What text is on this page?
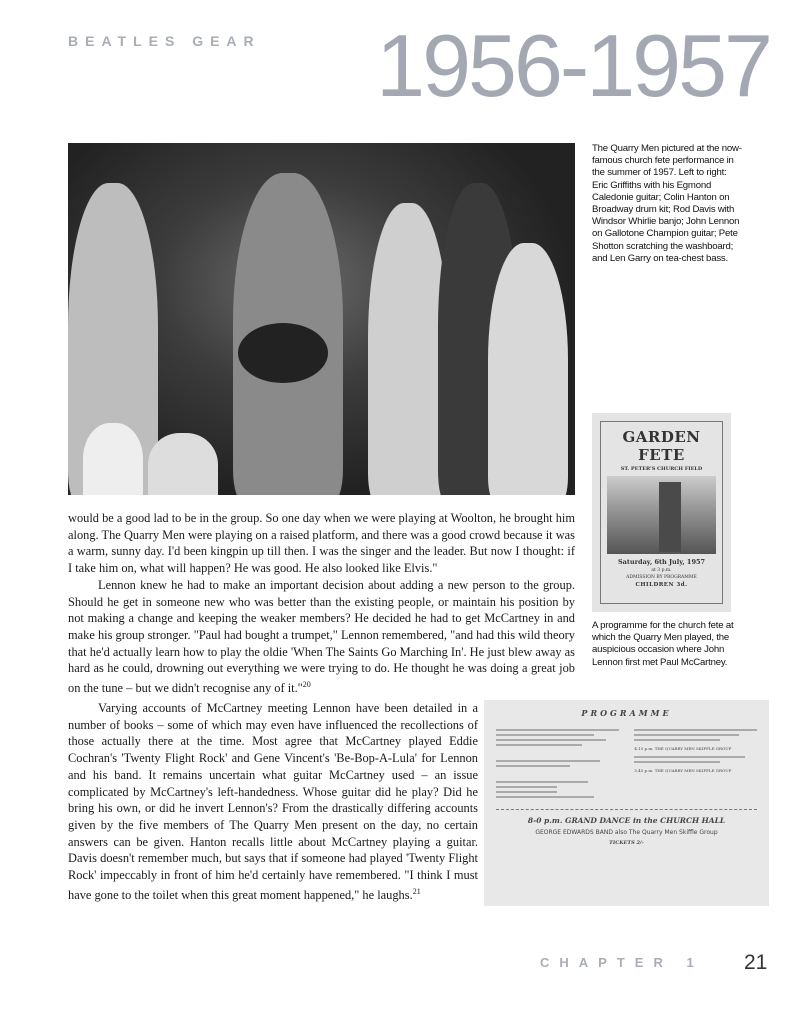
BEATLES GEAR 1956-1957
The Quarry Men pictured at the now-famous church fete performance in the summer of 1957. Left to right: Eric Griffiths with his Egmond Caledonie guitar; Colin Hanton on Broadway drum kit; Rod Davis with Windsor Whirlie banjo; John Lennon on Gallotone Champion guitar; Pete Shotton scratching the washboard; and Len Garry on tea-chest bass.
GARDEN FETE
ST. PETER'S CHURCH FIELD
Saturday, 6th July, 1957
at 3 p.m.
ADMISSION BY PROGRAMME
CHILDREN 3d.
A programme for the church fete at which the Quarry Men played, the auspicious occasion where John Lennon first met Paul McCartney.

would be a good lad to be in the group. So one day when we were playing at Woolton, he brought him along. The Quarry Men were playing on a raised platform, and there was a good crowd because it was a warm, sunny day. I'd been kingpin up till then. I was the singer and the leader. But now I thought: if I take him on, what will happen? He was good. He also looked like Elvis."

Lennon knew he had to make an important decision about adding a new person to the group. Should he get in someone new who was better than the existing people, or maintain his position by not making a change and keeping the weaker members? He decided he had to get McCartney in and make his group stronger. "Paul had bought a trumpet," Lennon remembered, "and had this wild theory that he'd actually learn how to play the oldie 'When The Saints Go Marching In'. He just blew away as hard as he could, drowning out everything we were trying to do. He thought he was doing a great job on the tune – but we didn't recognise any of it."$^{20}$

Varying accounts of McCartney meeting Lennon have been detailed in a number of books – some of which may even have influenced the recollections of those actually there at the time. Most agree that McCartney played Eddie Cochran's 'Twenty Flight Rock' and Gene Vincent's 'Be-Bop-A-Lula' for Lennon and his band. It remains uncertain what guitar McCartney used – an issue complicated by McCartney's left-handedness. Whose guitar did he play? Did he bring his own, or did he invert Lennon's? From the drastically differing accounts given by the five members of The Quarry Men present on the day, no certain answers can be given. Hanton recalls little about McCartney playing a guitar. Davis doesn't remember much, but says that if someone had played 'Twenty Flight Rock' impeccably in front of him he'd certainly have remembered. "I think I must have gone to the toilet when this great moment happened," he laughs.$^{21}$

PROGRAMME
4.15 p.m. THE QUARRY MEN SKIFFLE GROUP
5.45 p.m. THE QUARRY MEN SKIFFLE GROUP
8-0 p.m. GRAND DANCE in the CHURCH HALL
GEORGE EDWARDS BAND also The Quarry Men Skiffle Group
TICKETS 2/-
CHAPTER 1 21
